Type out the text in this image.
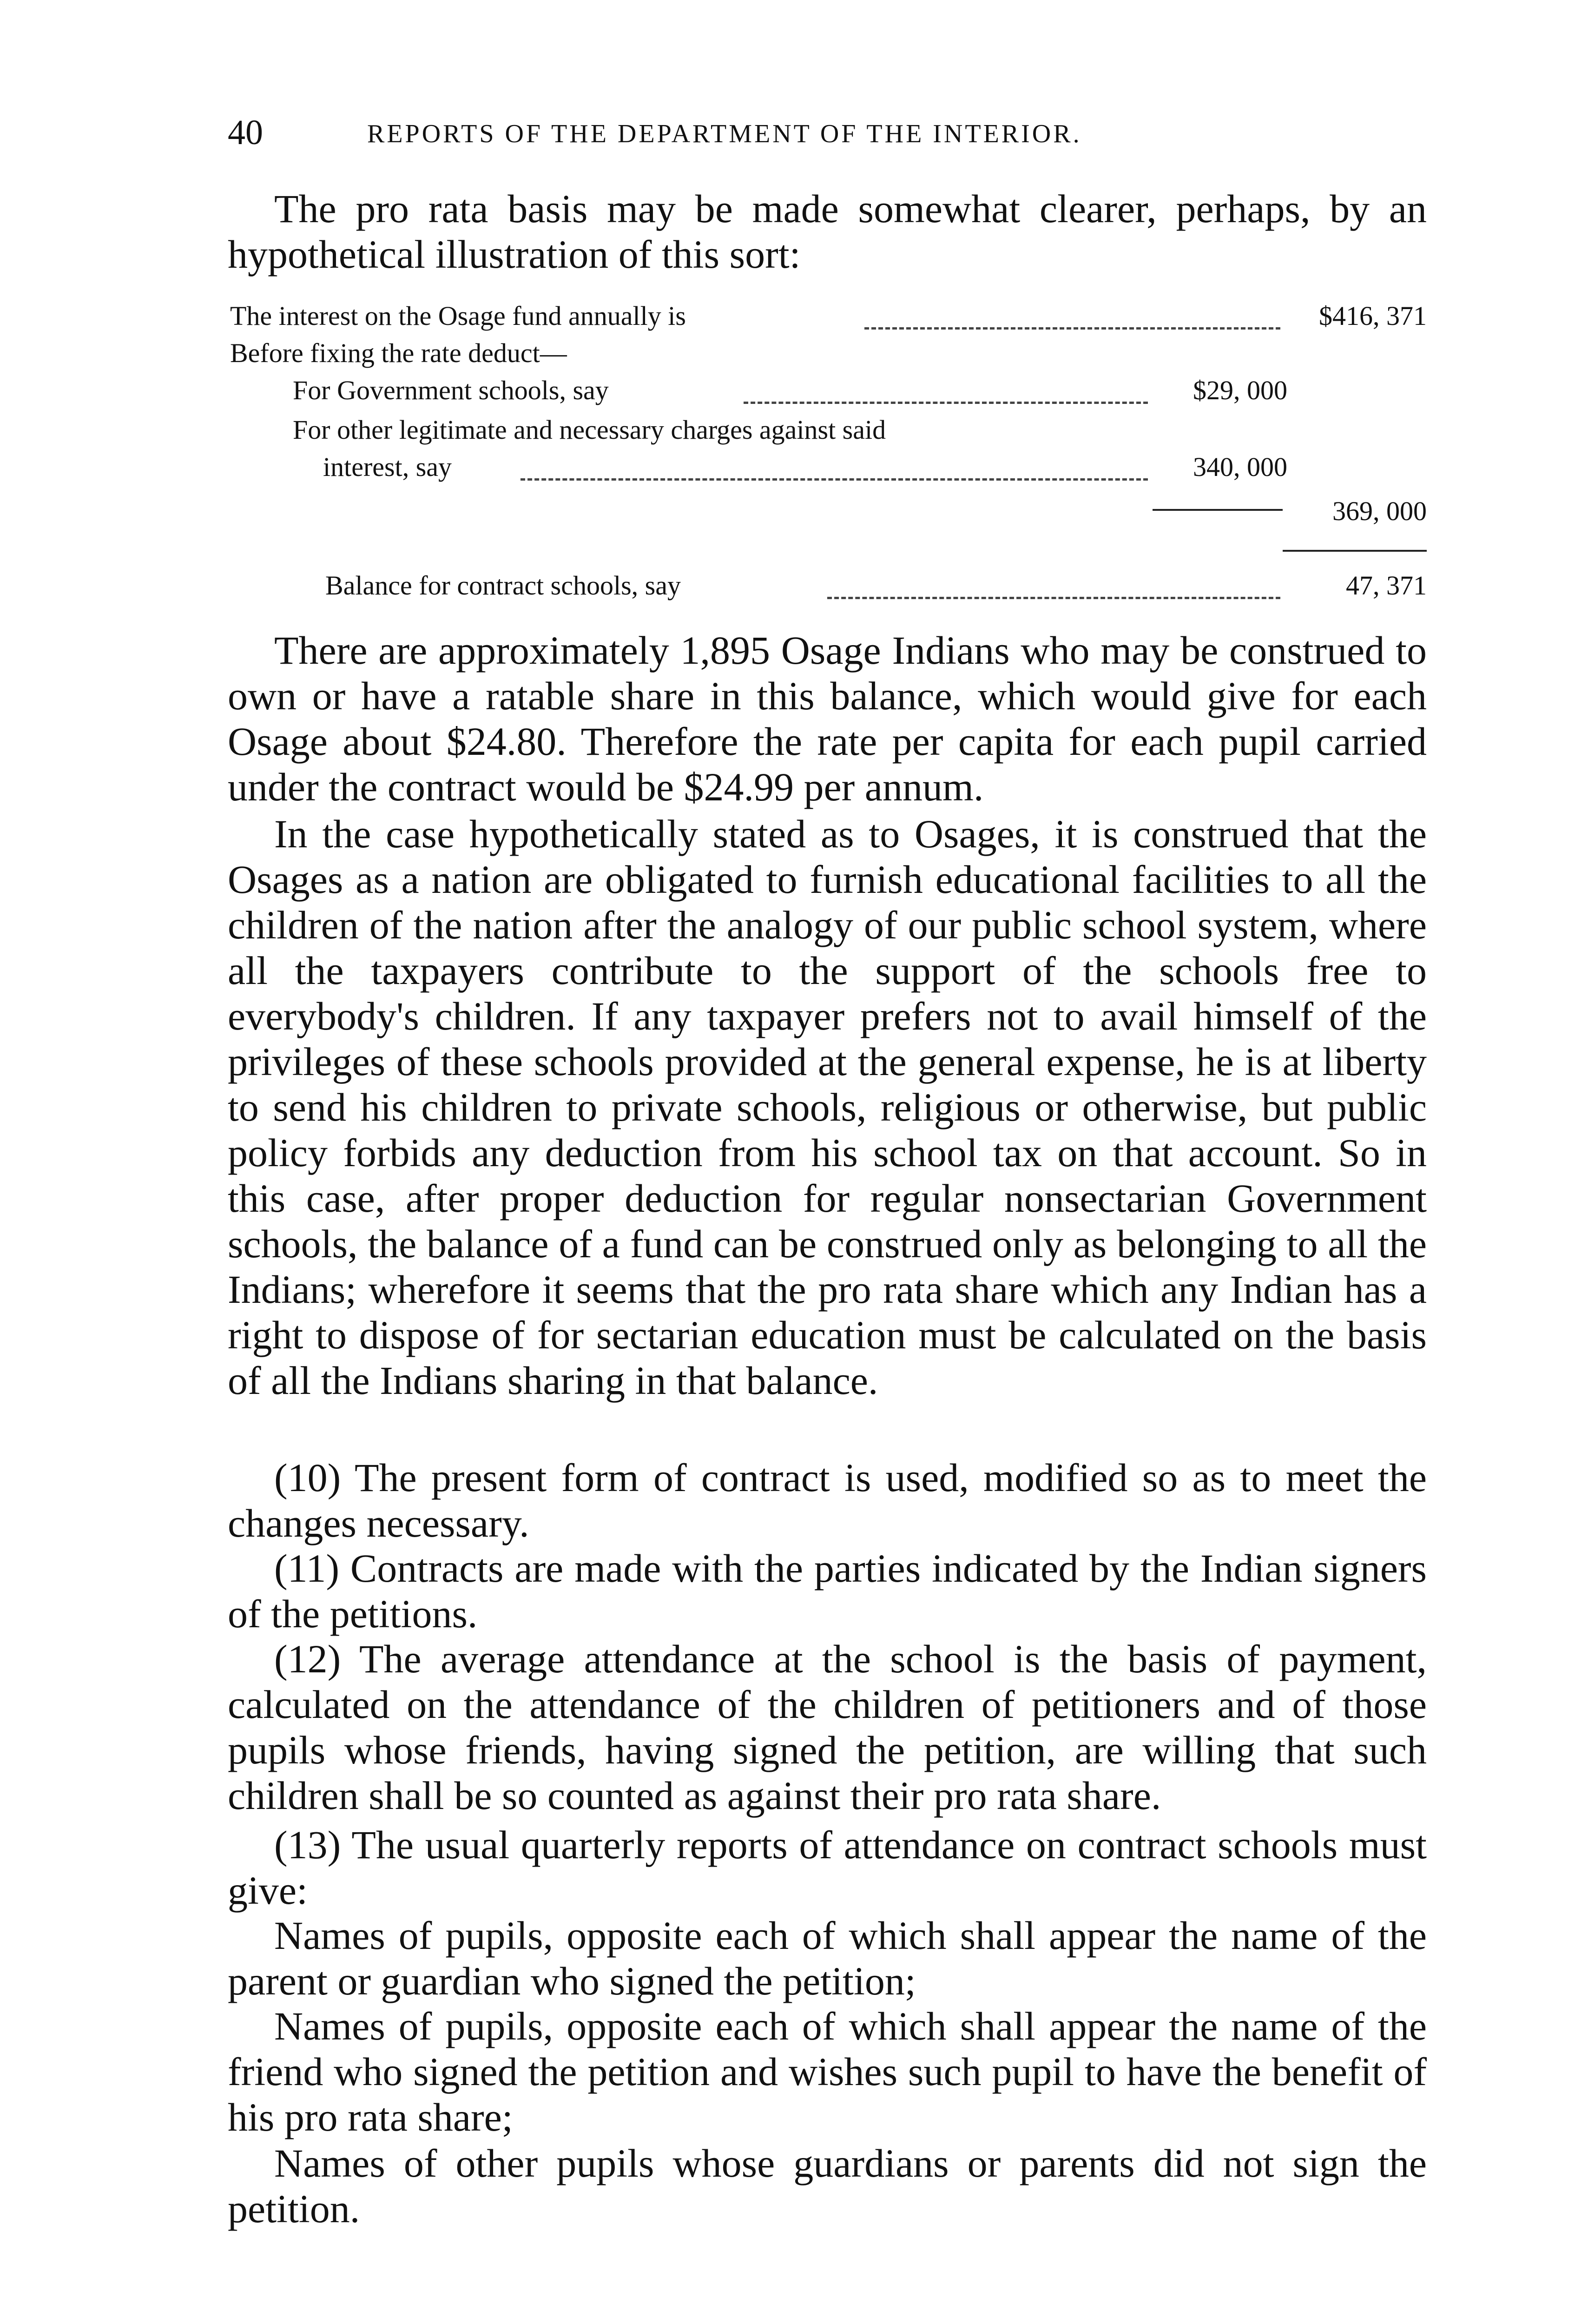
40	REPORTS OF THE DEPARTMENT OF THE INTERIOR.

The pro rata basis may be made somewhat clearer, perhaps, by an hypothetical illustration of this sort:

The interest on the Osage fund annually is	$416, 371
Before fixing the rate deduct—
For Government schools, say	$29, 000
For other legitimate and necessary charges against said
interest, say	340, 000
369, 000
Balance for contract schools, say	47, 371

There are approximately 1,895 Osage Indians who may be construed to own or have a ratable share in this balance, which would give for each Osage about $24.80. Therefore the rate per capita for each pupil carried under the contract would be $24.99 per annum.

In the case hypothetically stated as to Osages, it is construed that the Osages as a nation are obligated to furnish educational facilities to all the children of the nation after the analogy of our public school system, where all the taxpayers contribute to the support of the schools free to everybody's children. If any taxpayer prefers not to avail himself of the privileges of these schools provided at the general expense, he is at liberty to send his children to private schools, religious or otherwise, but public policy forbids any deduction from his school tax on that account. So in this case, after proper deduction for regular nonsectarian Government schools, the balance of a fund can be construed only as belonging to all the Indians; wherefore it seems that the pro rata share which any Indian has a right to dispose of for sectarian education must be calculated on the basis of all the Indians sharing in that balance.

(10) The present form of contract is used, modified so as to meet the changes necessary.

(11) Contracts are made with the parties indicated by the Indian signers of the petitions.

(12) The average attendance at the school is the basis of payment, calculated on the attendance of the children of petitioners and of those pupils whose friends, having signed the petition, are willing that such children shall be so counted as against their pro rata share.

(13) The usual quarterly reports of attendance on contract schools must give:

Names of pupils, opposite each of which shall appear the name of the parent or guardian who signed the petition;

Names of pupils, opposite each of which shall appear the name of the friend who signed the petition and wishes such pupil to have the benefit of his pro rata share;

Names of other pupils whose guardians or parents did not sign the petition.
